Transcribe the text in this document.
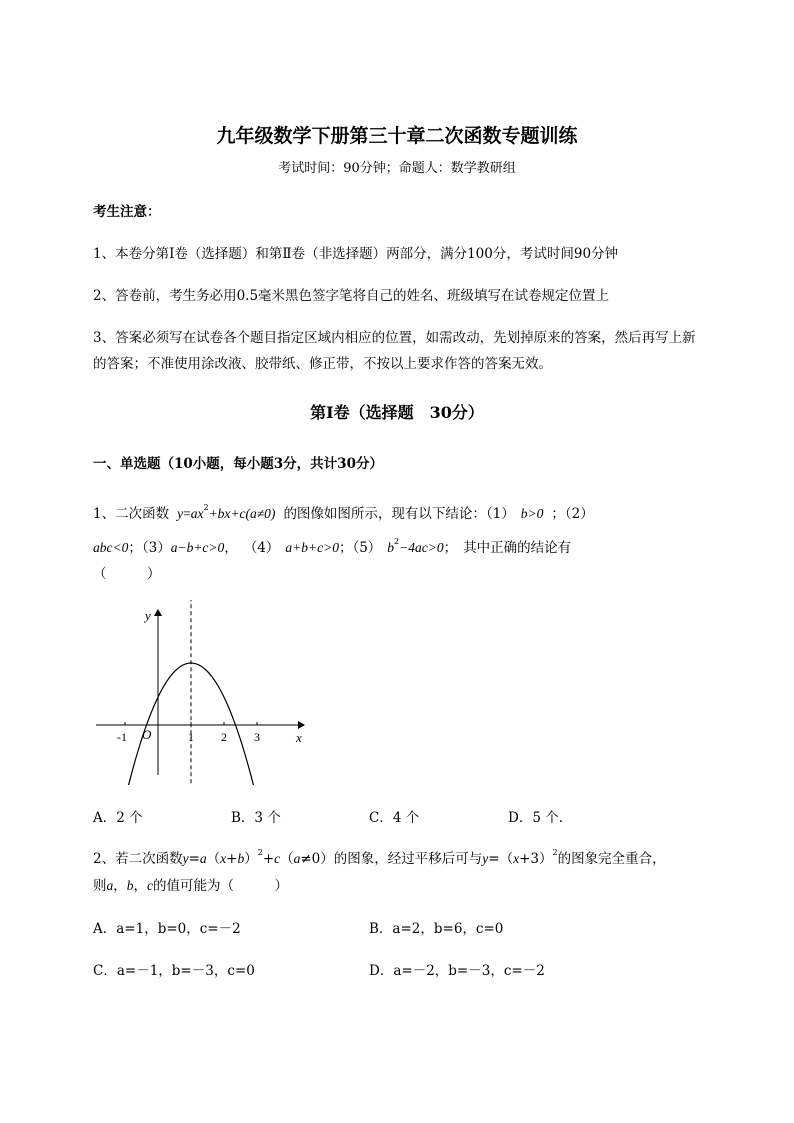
九年级数学下册第三十章二次函数专题训练
考试时间：90分钟；命题人：数学教研组
考生注意：
1、本卷分第Ⅰ卷（选择题）和第Ⅱ卷（非选择题）两部分，满分100分，考试时间90分钟
2、答卷前，考生务必用0.5毫米黑色签字笔将自己的姓名、班级填写在试卷规定位置上
3、答案必须写在试卷各个题目指定区域内相应的位置，如需改动，先划掉原来的答案，然后再写上新
的答案；不准使用涂改液、胶带纸、修正带，不按以上要求作答的答案无效。
第Ⅰ卷（选择题　30分）
一、单选题（10小题，每小题3分，共计30分）
1、二次函数 $y=ax^2+bx+c(a\ne 0)$ 的图像如图所示，现有以下结论：（1） b>0 ；（2）
abc<0；（3）a−b+c>0， （4） a+b+c>0；（5） $b^2-4ac>0$； 其中正确的结论有
（　　　）
y
x
O
-1	1 2 3
A．2 个	B．3 个	C．4 个	D．5 个.
2、若二次函数$y=a(x+b)^2+c(a\ne 0)$的图象，经过平移后可与$y=(x+3)^2$的图象完全重合，
则a，b，c的值可能为（　　　）
A．a=1，b=0，c=－2	B．a=2，b=6，c=0
C．a=－1，b=－3，c=0	D．a=－2，b=－3，c=－2
